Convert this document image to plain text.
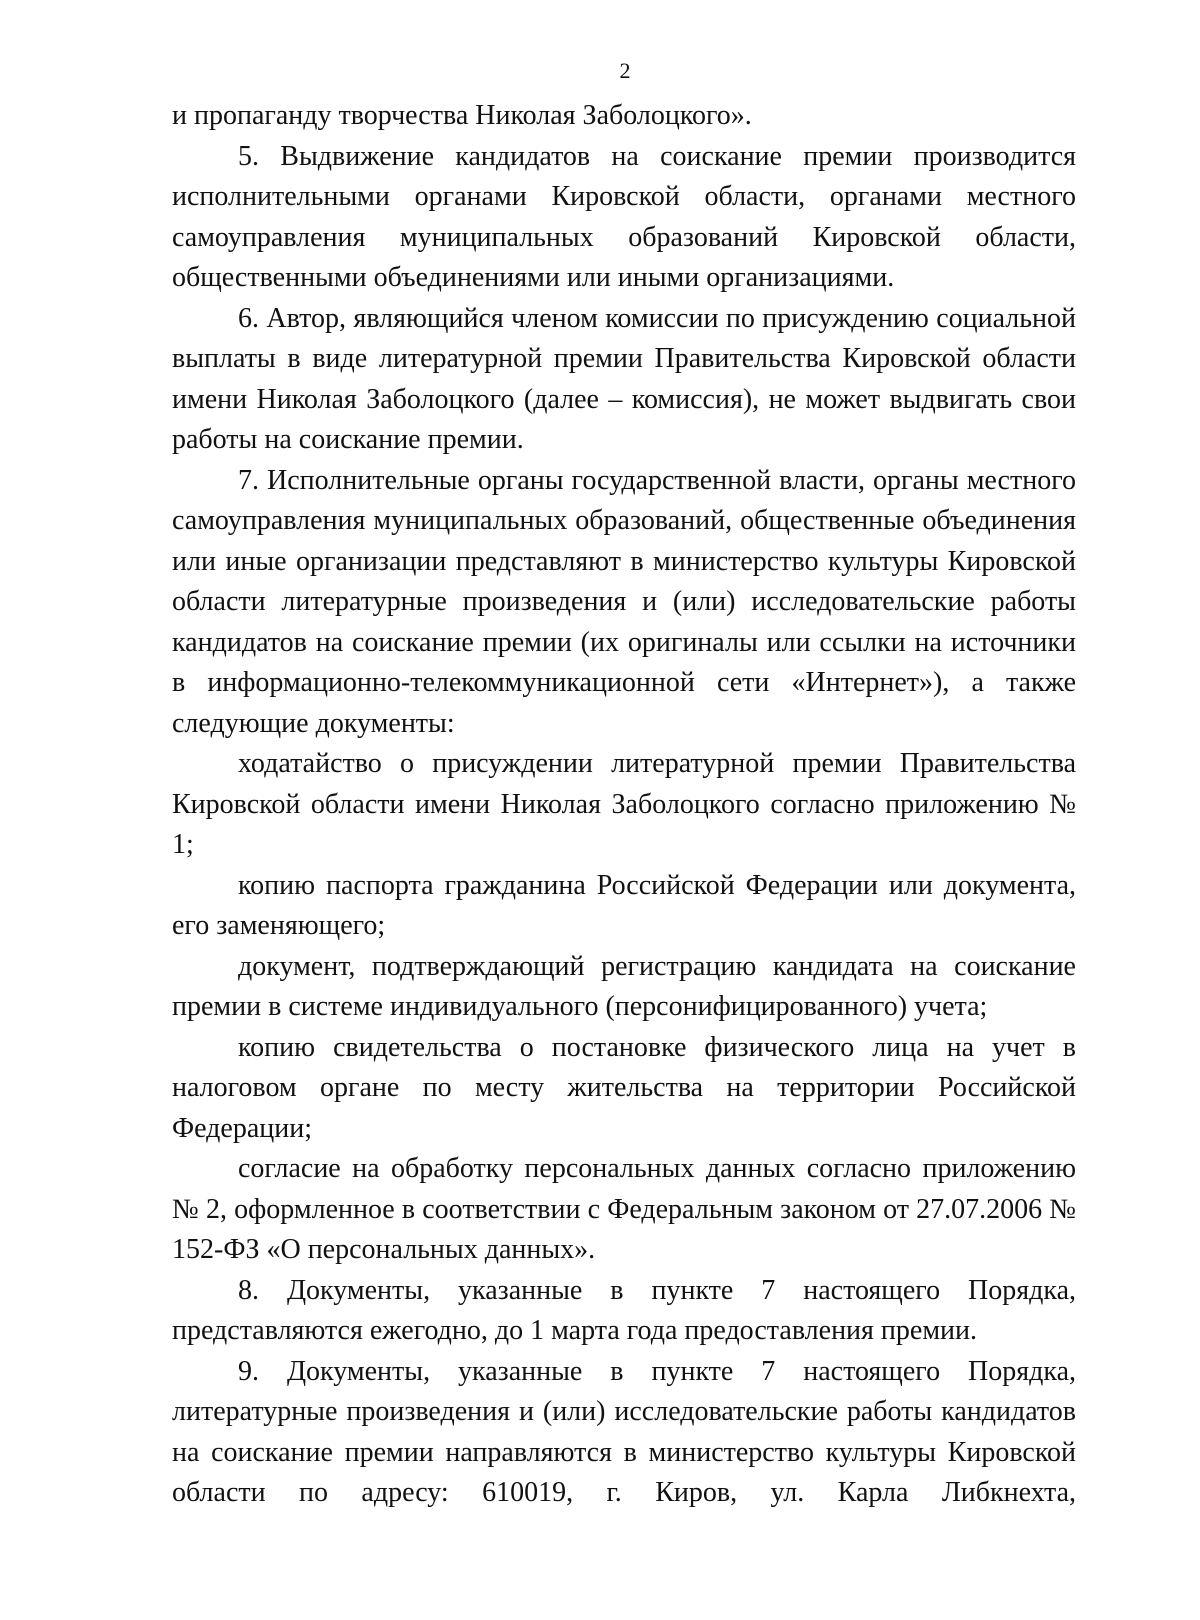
2

и пропаганду творчества Николая Заболоцкого».

5. Выдвижение кандидатов на соискание премии производится исполнительными органами Кировской области, органами местного самоуправления муниципальных образований Кировской области, общественными объединениями или иными организациями.

6. Автор, являющийся членом комиссии по присуждению социальной выплаты в виде литературной премии Правительства Кировской области имени Николая Заболоцкого (далее – комиссия), не может выдвигать свои работы на соискание премии.

7. Исполнительные органы государственной власти, органы местного самоуправления муниципальных образований, общественные объединения или иные организации представляют в министерство культуры Кировской области литературные произведения и (или) исследовательские работы кандидатов на соискание премии (их оригиналы или ссылки на источники в информационно-телекоммуникационной сети «Интернет»), а также следующие документы:

ходатайство о присуждении литературной премии Правительства Кировской области имени Николая Заболоцкого согласно приложению № 1;

копию паспорта гражданина Российской Федерации или документа, его заменяющего;

документ, подтверждающий регистрацию кандидата на соискание премии в системе индивидуального (персонифицированного) учета;

копию свидетельства о постановке физического лица на учет в налоговом органе по месту жительства на территории Российской Федерации;

согласие на обработку персональных данных согласно приложению № 2, оформленное в соответствии с Федеральным законом от 27.07.2006 № 152-ФЗ «О персональных данных».

8. Документы, указанные в пункте 7 настоящего Порядка, представляются ежегодно, до 1 марта года предоставления премии.

9. Документы, указанные в пункте 7 настоящего Порядка, литературные произведения и (или) исследовательские работы кандидатов на соискание премии направляются в министерство культуры Кировской области по адресу: 610019, г. Киров, ул. Карла Либкнехта,
